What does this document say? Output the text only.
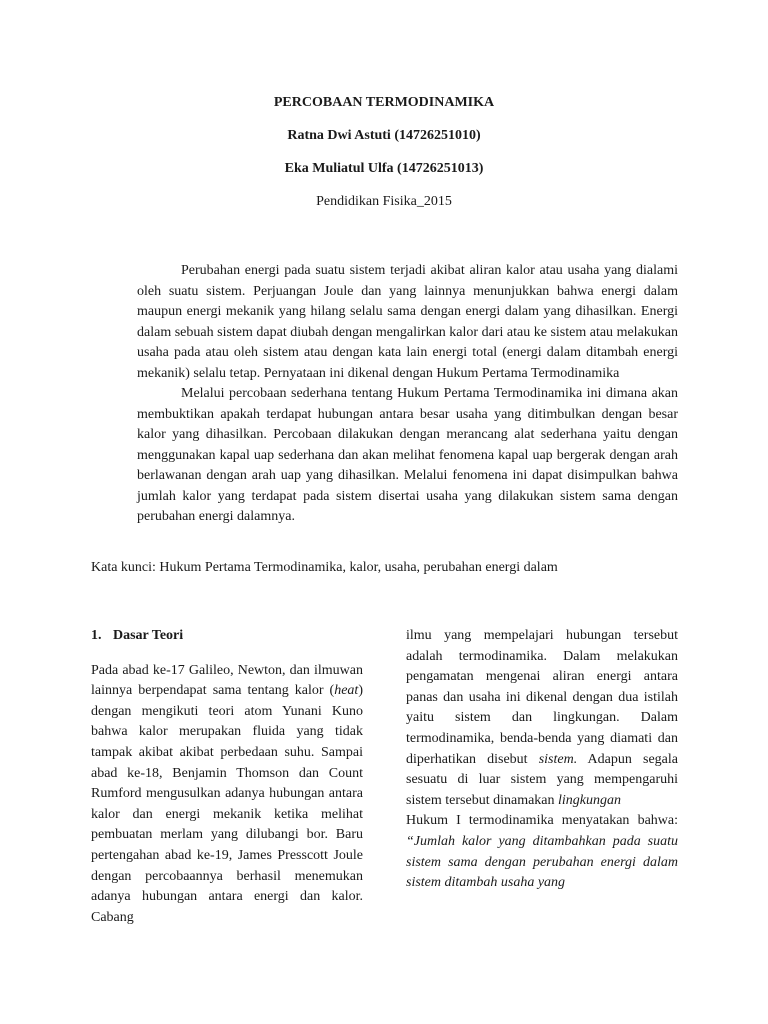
PERCOBAAN TERMODINAMIKA
Ratna Dwi Astuti (14726251010)
Eka Muliatul Ulfa (14726251013)
Pendidikan Fisika_2015

Perubahan energi pada suatu sistem terjadi akibat aliran kalor atau usaha yang dialami oleh suatu sistem. Perjuangan Joule dan yang lainnya menunjukkan bahwa energi dalam maupun energi mekanik yang hilang selalu sama dengan energi dalam yang dihasilkan. Energi dalam sebuah sistem dapat diubah dengan mengalirkan kalor dari atau ke sistem atau melakukan usaha pada atau oleh sistem atau dengan kata lain energi total (energi dalam ditambah energi mekanik) selalu tetap. Pernyataan ini dikenal dengan Hukum Pertama Termodinamika

Melalui percobaan sederhana tentang Hukum Pertama Termodinamika ini dimana akan membuktikan apakah terdapat hubungan antara besar usaha yang ditimbulkan dengan besar kalor yang dihasilkan. Percobaan dilakukan dengan merancang alat sederhana yaitu dengan menggunakan kapal uap sederhana dan akan melihat fenomena kapal uap bergerak dengan arah berlawanan dengan arah uap yang dihasilkan. Melalui fenomena ini dapat disimpulkan bahwa jumlah kalor yang terdapat pada sistem disertai usaha yang dilakukan sistem sama dengan perubahan energi dalamnya.

Kata kunci: Hukum Pertama Termodinamika, kalor, usaha, perubahan energi dalam
1. Dasar Teori

Pada abad ke-17 Galileo, Newton, dan ilmuwan lainnya berpendapat sama tentang kalor (heat) dengan mengikuti teori atom Yunani Kuno bahwa kalor merupakan fluida yang tidak tampak akibat akibat perbedaan suhu. Sampai abad ke-18, Benjamin Thomson dan Count Rumford mengusulkan adanya hubungan antara kalor dan energi mekanik ketika melihat pembuatan merlam yang dilubangi bor. Baru pertengahan abad ke-19, James Presscott Joule dengan percobaannya berhasil menemukan adanya hubungan antara energi dan kalor. Cabang

ilmu yang mempelajari hubungan tersebut adalah termodinamika. Dalam melakukan pengamatan mengenai aliran energi antara panas dan usaha ini dikenal dengan dua istilah yaitu sistem dan lingkungan. Dalam termodinamika, benda-benda yang diamati dan diperhatikan disebut sistem. Adapun segala sesuatu di luar sistem yang mempengaruhi sistem tersebut dinamakan lingkungan

Hukum I termodinamika menyatakan bahwa: “Jumlah kalor yang ditambahkan pada suatu sistem sama dengan perubahan energi dalam sistem ditambah usaha yang
